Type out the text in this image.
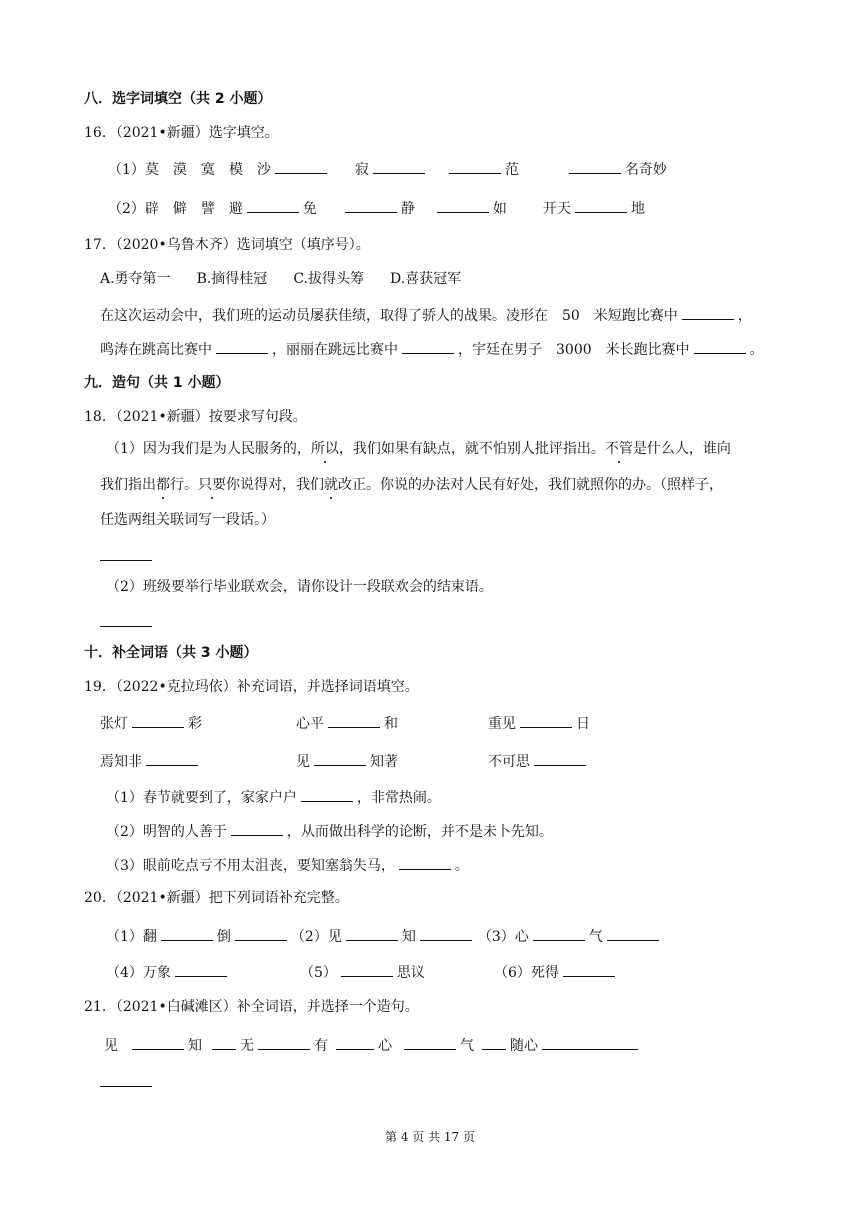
八．选字词填空（共 2 小题）
16．（2021•新疆）选字填空。
（1）莫　漠　寞　模　沙	寂	范	名奇妙
（2）辟　僻　譬　避	免	静	如	开天	地
17．（2020•乌鲁木齐）选词填空（填序号）。
A.勇夺第一 B.摘得桂冠 C.拔得头筹 D.喜获冠军
在这次运动会中，我们班的运动员屡获佳绩，取得了骄人的战果。凌形在　50　米短跑比赛中	，
鸣涛在跳高比赛中	，丽丽在跳远比赛中	，宇廷在男子　3000　米长跑比赛中	。
九．造句（共 1 小题）
18．（2021•新疆）按要求写句段。
（1）因为我们是为人民服务的，所以，我们如果有缺点，就不怕别人批评指出。不管是什么人，谁向
我们指出都行。只要你说得对，我们就改正。你说的办法对人民有好处，我们就照你的办。（照样子，
任选两组关联词写一段话。）
（2）班级要举行毕业联欢会，请你设计一段联欢会的结束语。
十．补全词语（共 3 小题）
19．（2022•克拉玛依）补充词语，并选择词语填空。
张灯	彩	心平	和	重见	日
焉知非	见	知著	不可思
（1）春节就要到了，家家户户	，非常热闹。
（2）明智的人善于	，从而做出科学的论断，并不是未卜先知。
（3）眼前吃点亏不用太沮丧，要知塞翁失马，	。
20．（2021•新疆）把下列词语补充完整。
（1）翻	倒	（2）见	知	（3）心	气
（4）万象	（5）	思议	（6）死得
21．（2021•白碱滩区）补全词语，并选择一个造句。
见	知	无	有	心	气	随心
第 4 页 共 17 页
